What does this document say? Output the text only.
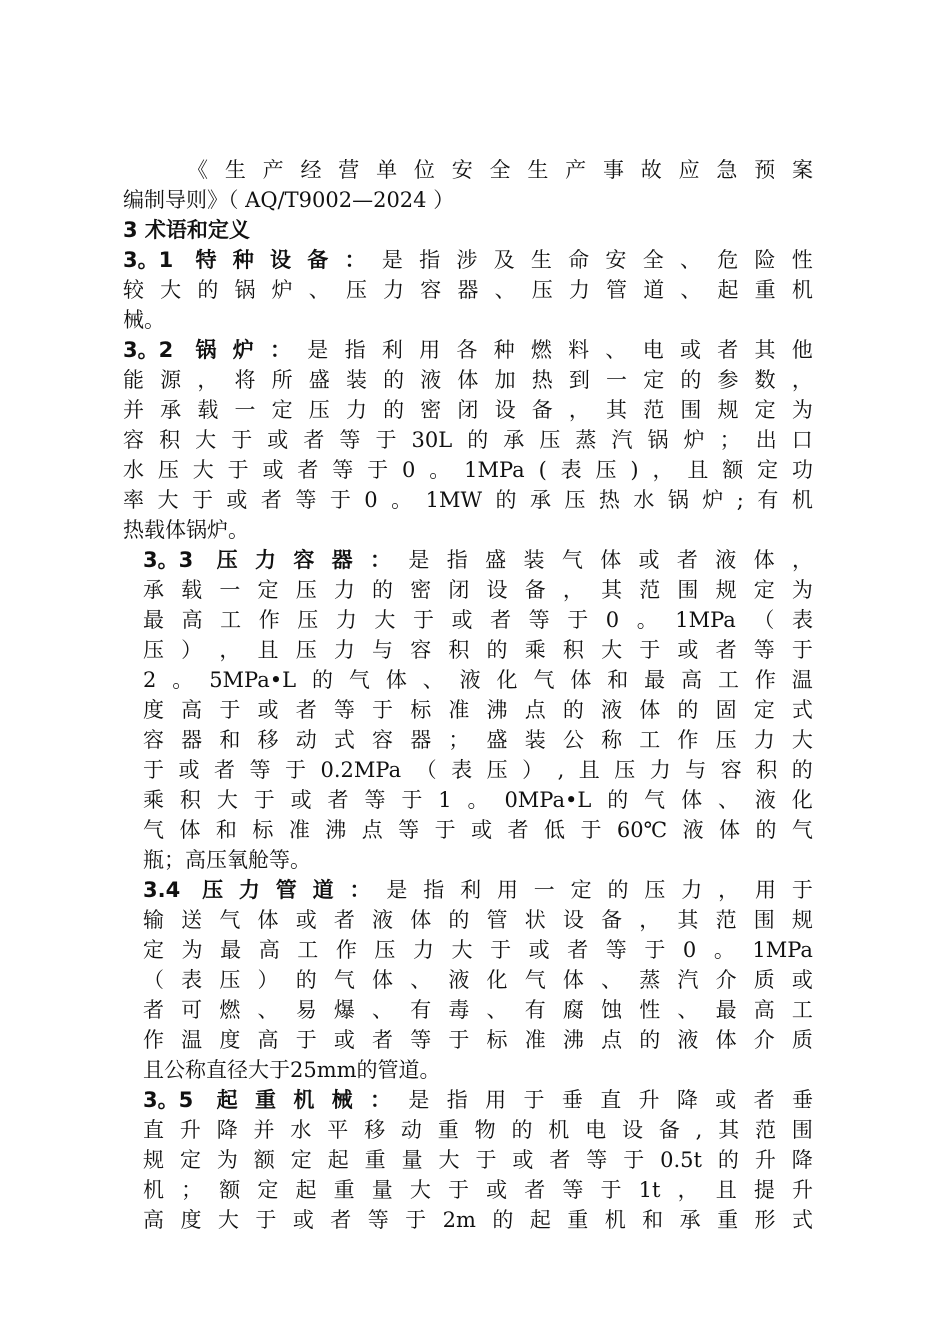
《 生 产 经 营 单 位 安 全 生 产 事 故 应 急 预 案
编制导则》（ AQ/T9002—2024 ）
3 术语和定义
3。1 特 种 设 备 ： 是 指 涉 及 生 命 安 全 、 危 险 性
较 大 的 锅 炉 、 压 力 容 器 、 压 力 管 道 、 起 重 机
械。
3。2 锅 炉 ： 是 指 利 用 各 种 燃 料 、 电 或 者 其 他
能 源 ， 将 所 盛 装 的 液 体 加 热 到 一 定 的 参 数 ，
并 承 载 一 定 压 力 的 密 闭 设 备 ， 其 范 围 规 定 为
容 积 大 于 或 者 等 于 30L 的 承 压 蒸 汽 锅 炉 ； 出 口
水 压 大 于 或 者 等 于 0 。 1MPa ( 表 压 ) ， 且 额 定 功
率 大 于 或 者 等 于 0 。 1MW 的 承 压 热 水 锅 炉 ; 有 机
热载体锅炉。
3。3 压 力 容 器 ： 是 指 盛 装 气 体 或 者 液 体 ，
承 载 一 定 压 力 的 密 闭 设 备 ， 其 范 围 规 定 为
最 高 工 作 压 力 大 于 或 者 等 于 0 。 1MPa （ 表
压 ） ， 且 压 力 与 容 积 的 乘 积 大 于 或 者 等 于
2 。 5MPa•L 的 气 体 、 液 化 气 体 和 最 高 工 作 温
度 高 于 或 者 等 于 标 准 沸 点 的 液 体 的 固 定 式
容 器 和 移 动 式 容 器 ； 盛 装 公 称 工 作 压 力 大
于 或 者 等 于 0.2MPa （ 表 压 ） , 且 压 力 与 容 积 的
乘 积 大 于 或 者 等 于 1 。 0MPa•L 的 气 体 、 液 化
气 体 和 标 准 沸 点 等 于 或 者 低 于 60℃ 液 体 的 气
瓶；高压氧舱等。
3.4 压 力 管 道 ： 是 指 利 用 一 定 的 压 力 ， 用 于
输 送 气 体 或 者 液 体 的 管 状 设 备 ， 其 范 围 规
定 为 最 高 工 作 压 力 大 于 或 者 等 于 0 。 1MPa
（ 表 压 ） 的 气 体 、 液 化 气 体 、 蒸 汽 介 质 或
者 可 燃 、 易 爆 、 有 毒 、 有 腐 蚀 性 、 最 高 工
作 温 度 高 于 或 者 等 于 标 准 沸 点 的 液 体 介 质
且公称直径大于25mm的管道。
3。5 起 重 机 械 ： 是 指 用 于 垂 直 升 降 或 者 垂
直 升 降 并 水 平 移 动 重 物 的 机 电 设 备 , 其 范 围
规 定 为 额 定 起 重 量 大 于 或 者 等 于 0.5t 的 升 降
机 ； 额 定 起 重 量 大 于 或 者 等 于 1t ， 且 提 升
高 度 大 于 或 者 等 于 2m 的 起 重 机 和 承 重 形 式
